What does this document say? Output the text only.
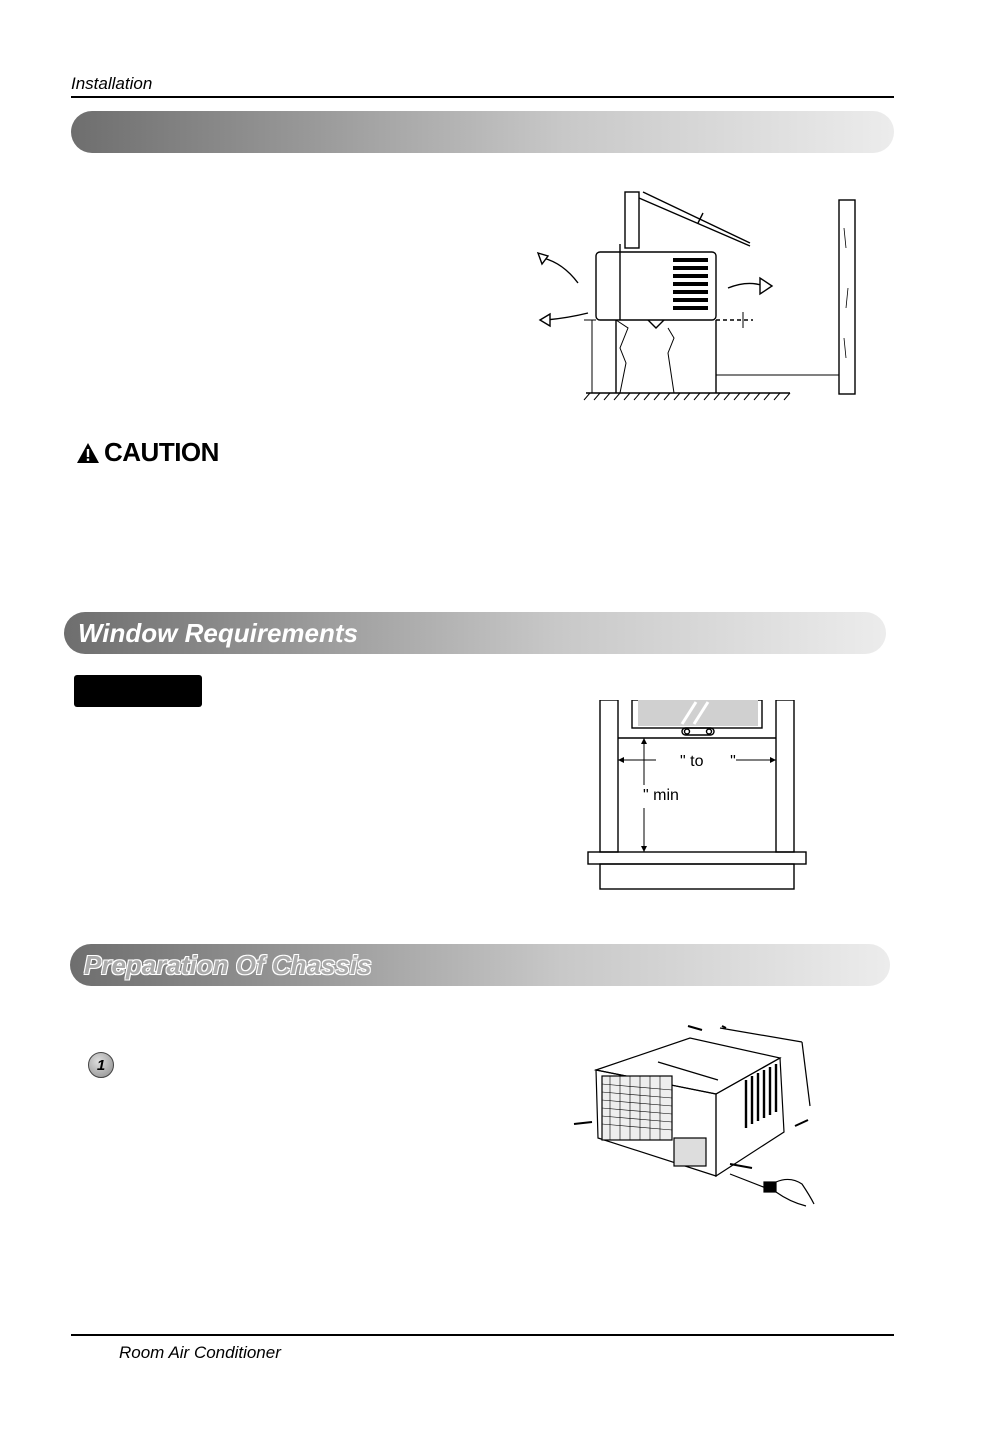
Installation
CAUTION
Window Requirements
" to      "
" min
Preparation Of Chassis
1
Room Air Conditioner
